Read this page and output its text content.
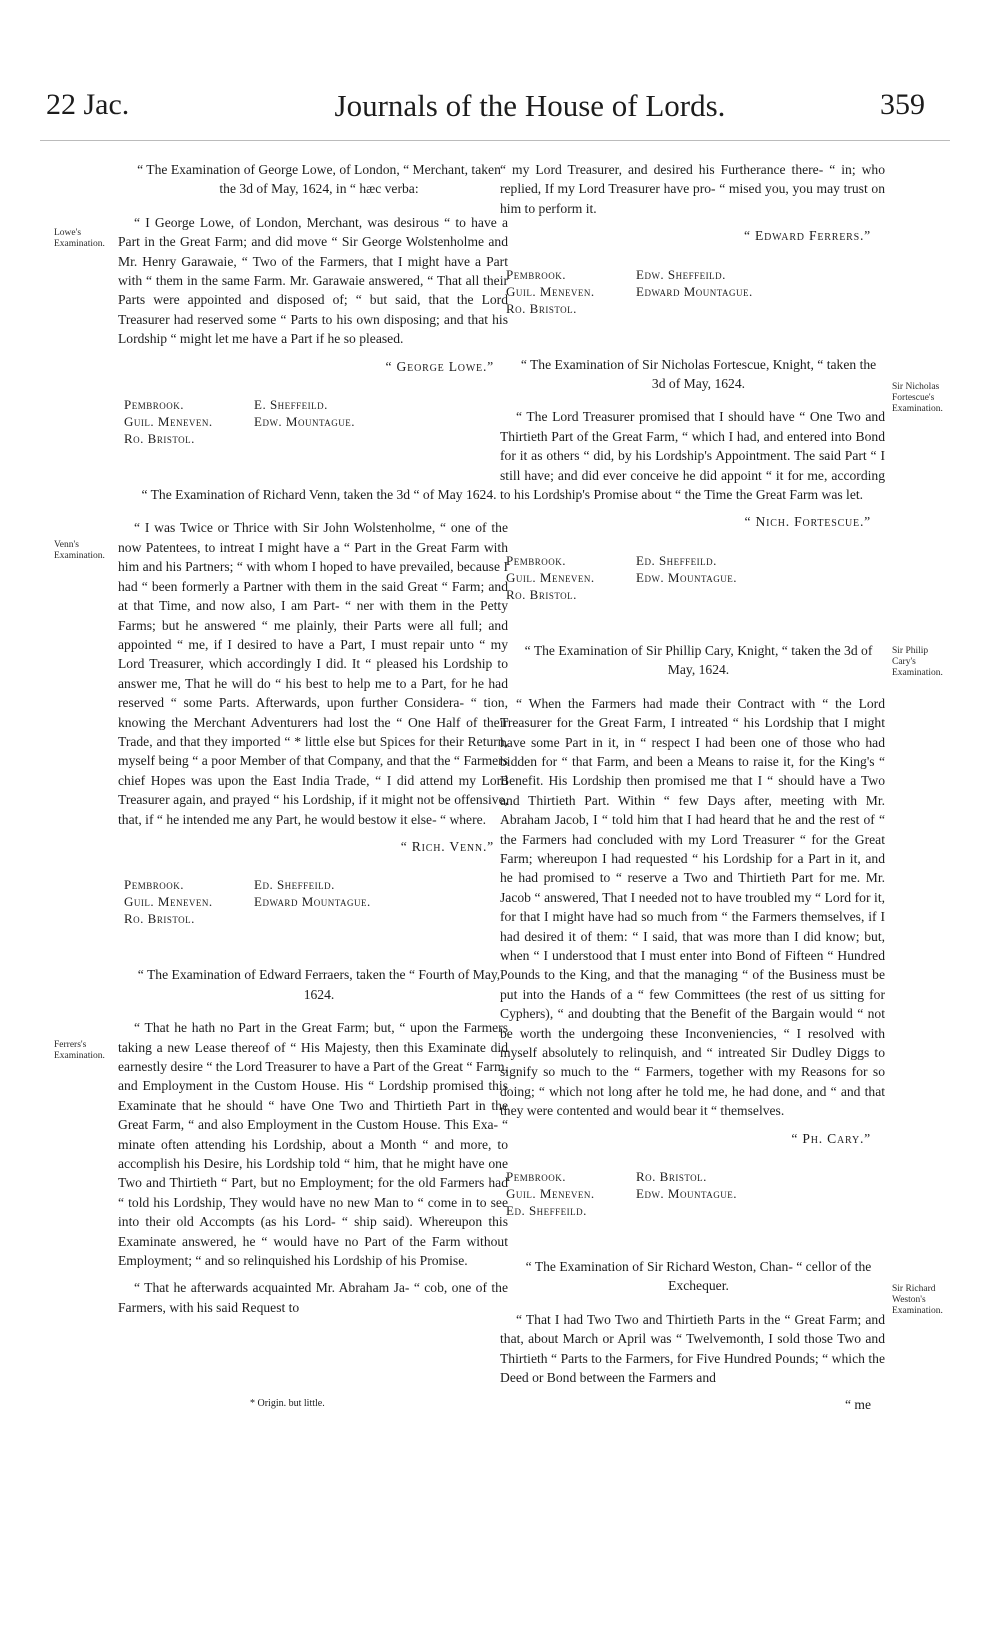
22 Jac.	Journals of the House of Lords.	359
Lowe's Examination.
Venn's Examination.
Ferrers's Examination.
Sir Nicholas Fortescue's Examination.
Sir Philip Cary's Examination.
Sir Richard Weston's Examination.

“ The Examination of George Lowe, of London, “ Merchant, taken the 3d of May, 1624, in “ hæc verba:

“ I George Lowe, of London, Merchant, was desirous “ to have a Part in the Great Farm; and did move “ Sir George Wolstenholme and Mr. Henry Garawaie, “ Two of the Farmers, that I might have a Part with “ them in the same Farm. Mr. Garawaie answered, “ That all their Parts were appointed and disposed of; “ but said, that the Lord Treasurer had reserved some “ Parts to his own disposing; and that his Lordship “ might let me have a Part if he so pleased.

“ George Lowe.”

Pembrook.	E. Sheffeild.
Guil. Meneven.	Edw. Mountague.
Ro. Bristol.

“ The Examination of Richard Venn, taken the 3d “ of May 1624.

“ I was Twice or Thrice with Sir John Wolstenholme, “ one of the now Patentees, to intreat I might have a “ Part in the Great Farm with him and his Partners; “ with whom I hoped to have prevailed, because I had “ been formerly a Partner with them in the said Great “ Farm; and at that Time, and now also, I am Part- “ ner with them in the Petty Farms; but he answered “ me plainly, their Parts were all full; and appointed “ me, if I desired to have a Part, I must repair unto “ my Lord Treasurer, which accordingly I did. It “ pleased his Lordship to answer me, That he will do “ his best to help me to a Part, for he had reserved “ some Parts. Afterwards, upon further Considera- “ tion, knowing the Merchant Adventurers had lost the “ One Half of their Trade, and that they imported “ * little else but Spices for their Return, myself being “ a poor Member of that Company, and that the “ Farmers chief Hopes was upon the East India Trade, “ I did attend my Lord Treasurer again, and prayed “ his Lordship, if it might not be offensive, that, if “ he intended me any Part, he would bestow it else- “ where.

“ Rich. Venn.”

Pembrook.	Ed. Sheffeild.
Guil. Meneven.	Edward Mountague.
Ro. Bristol.

“ The Examination of Edward Ferraers, taken the “ Fourth of May, 1624.

“ That he hath no Part in the Great Farm; but, “ upon the Farmers taking a new Lease thereof of “ His Majesty, then this Examinate did earnestly desire “ the Lord Treasurer to have a Part of the Great “ Farm, and Employment in the Custom House. His “ Lordship promised this Examinate that he should “ have One Two and Thirtieth Part in the Great Farm, “ and also Employment in the Custom House. This Exa- “ minate often attending his Lordship, about a Month “ and more, to accomplish his Desire, his Lordship told “ him, that he might have one Two and Thirtieth “ Part, but no Employment; for the old Farmers had “ told his Lordship, They would have no new Man to “ come in to see into their old Accompts (as his Lord- “ ship said). Whereupon this Examinate answered, he “ would have no Part of the Farm without Employment; “ and so relinquished his Lordship of his Promise.

“ That he afterwards acquainted Mr. Abraham Ja- “ cob, one of the Farmers, with his said Request to

* Origin. but little.

“ my Lord Treasurer, and desired his Furtherance there- “ in; who replied, If my Lord Treasurer have pro- “ mised you, you may trust on him to perform it.

“ Edward Ferrers.”

Pembrook.	Edw. Sheffeild.
Guil. Meneven.	Edward Mountague.
Ro. Bristol.

“ The Examination of Sir Nicholas Fortescue, Knight, “ taken the 3d of May, 1624.

“ The Lord Treasurer promised that I should have “ One Two and Thirtieth Part of the Great Farm, “ which I had, and entered into Bond for it as others “ did, by his Lordship's Appointment. The said Part “ I still have; and did ever conceive he did appoint “ it for me, according to his Lordship's Promise about “ the Time the Great Farm was let.

“ Nich. Fortescue.”

Pembrook.	Ed. Sheffeild.
Guil. Meneven.	Edw. Mountague.
Ro. Bristol.

“ The Examination of Sir Phillip Cary, Knight, “ taken the 3d of May, 1624.

“ When the Farmers had made their Contract with “ the Lord Treasurer for the Great Farm, I intreated “ his Lordship that I might have some Part in it, in “ respect I had been one of those who had bidden for “ that Farm, and been a Means to raise it, for the King's “ Benefit. His Lordship then promised me that I “ should have a Two and Thirtieth Part. Within “ few Days after, meeting with Mr. Abraham Jacob, I “ told him that I had heard that he and the rest of “ the Farmers had concluded with my Lord Treasurer “ for the Great Farm; whereupon I had requested “ his Lordship for a Part in it, and he had promised to “ reserve a Two and Thirtieth Part for me. Mr. Jacob “ answered, That I needed not to have troubled my “ Lord for it, for that I might have had so much from “ the Farmers themselves, if I had desired it of them: “ I said, that was more than I did know; but, when “ I understood that I must enter into Bond of Fifteen “ Hundred Pounds to the King, and that the managing “ of the Business must be put into the Hands of a “ few Committees (the rest of us sitting for Cyphers), “ and doubting that the Benefit of the Bargain would “ not be worth the undergoing these Inconveniencies, “ I resolved with myself absolutely to relinquish, and “ intreated Sir Dudley Diggs to signify so much to the “ Farmers, together with my Reasons for so doing; “ which not long after he told me, he had done, and “ and that they were contented and would bear it “ themselves.

“ Ph. Cary.”

Pembrook.	Ro. Bristol.
Guil. Meneven.	Edw. Mountague.
Ed. Sheffeild.

“ The Examination of Sir Richard Weston, Chan- “ cellor of the Exchequer.

“ That I had Two Two and Thirtieth Parts in the “ Great Farm; and that, about March or April was “ Twelvemonth, I sold those Two and Thirtieth “ Parts to the Farmers, for Five Hundred Pounds; “ which the Deed or Bond between the Farmers and

“ me
